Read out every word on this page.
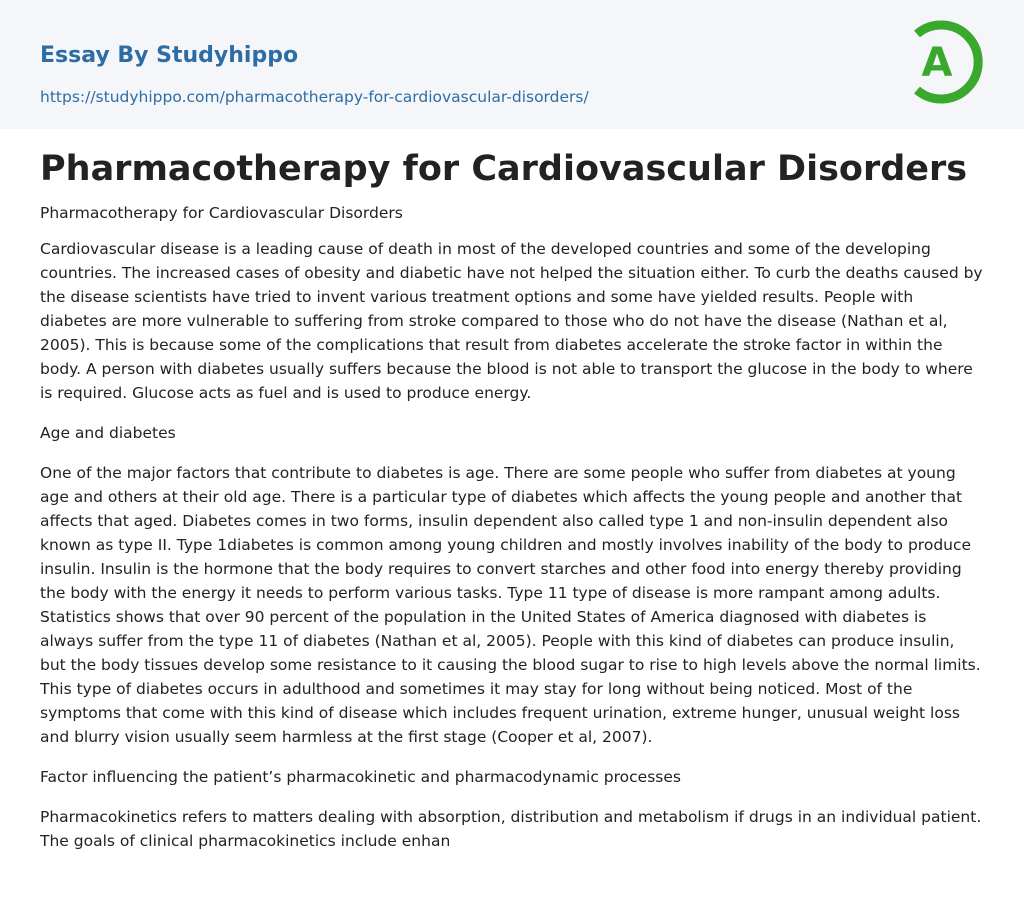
Essay By Studyhippo
https://studyhippo.com/pharmacotherapy-for-cardiovascular-disorders/
A
Pharmacotherapy for Cardiovascular Disorders

Pharmacotherapy for Cardiovascular Disorders

Cardiovascular disease is a leading cause of death in most of the developed countries and some of the developing countries. The increased cases of obesity and diabetic have not helped the situation either. To curb the deaths caused by the disease scientists have tried to invent various treatment options and some have yielded results. People with diabetes are more vulnerable to suffering from stroke compared to those who do not have the disease (Nathan et al, 2005). This is because some of the complications that result from diabetes accelerate the stroke factor in within the body. A person with diabetes usually suffers because the blood is not able to transport the glucose in the body to where is required. Glucose acts as fuel and is used to produce energy.

Age and diabetes

One of the major factors that contribute to diabetes is age. There are some people who suffer from diabetes at young age and others at their old age. There is a particular type of diabetes which affects the young people and another that affects that aged. Diabetes comes in two forms, insulin dependent also called type 1 and non-insulin dependent also known as type II. Type 1diabetes is common among young children and mostly involves inability of the body to produce insulin. Insulin is the hormone that the body requires to convert starches and other food into energy thereby providing the body with the energy it needs to perform various tasks. Type 11 type of disease is more rampant among adults. Statistics shows that over 90 percent of the population in the United States of America diagnosed with diabetes is always suffer from the type 11 of diabetes (Nathan et al, 2005). People with this kind of diabetes can produce insulin, but the body tissues develop some resistance to it causing the blood sugar to rise to high levels above the normal limits. This type of diabetes occurs in adulthood and sometimes it may stay for long without being noticed. Most of the symptoms that come with this kind of disease which includes frequent urination, extreme hunger, unusual weight loss and blurry vision usually seem harmless at the first stage (Cooper et al, 2007).

Factor influencing the patient’s pharmacokinetic and pharmacodynamic processes

Pharmacokinetics refers to matters dealing with absorption, distribution and metabolism if drugs in an individual patient. The goals of clinical pharmacokinetics include enhan
